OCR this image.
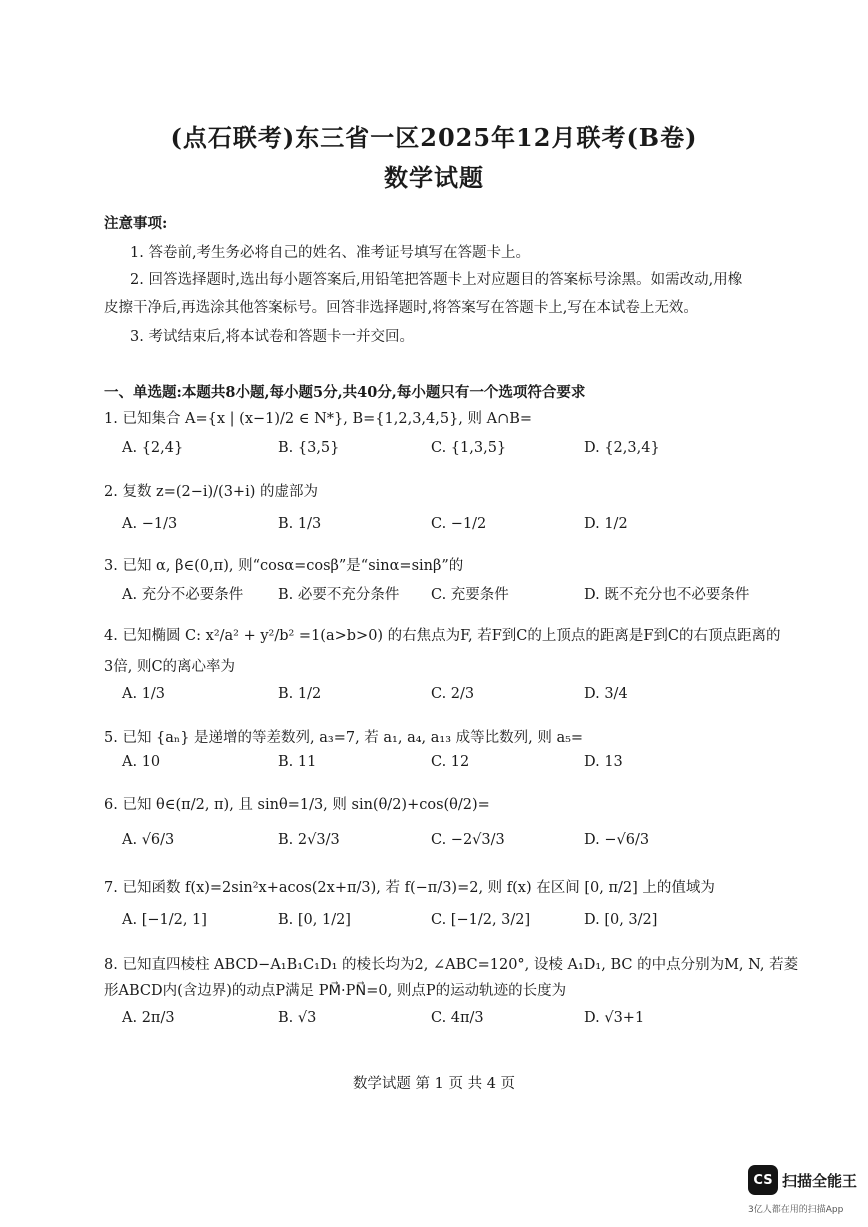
(点石联考)东三省一区2025年12月联考(B卷)
数学试题
注意事项:
1. 答卷前,考生务必将自己的姓名、准考证号填写在答题卡上。
2. 回答选择题时,选出每小题答案后,用铅笔把答题卡上对应题目的答案标号涂黑。如需改动,用橡
皮擦干净后,再选涂其他答案标号。回答非选择题时,将答案写在答题卡上,写在本试卷上无效。
3. 考试结束后,将本试卷和答题卡一并交回。
一、单选题:本题共8小题,每小题5分,共40分,每小题只有一个选项符合要求
1. 已知集合 A={x | (x−1)/2 ∈ N*}, B={1,2,3,4,5}, 则 A∩B=
A. {2,4}	B. {3,5}	C. {1,3,5}	D. {2,3,4}
2. 复数 z=(2−i)/(3+i) 的虚部为
A. −1/3	B. 1/3	C. −1/2	D. 1/2
3. 已知 α, β∈(0,π), 则“cosα=cosβ”是“sinα=sinβ”的
A. 充分不必要条件 B. 必要不充分条件 C. 充要条件	D. 既不充分也不必要条件
4. 已知椭圆 C: x²/a² + y²/b² =1(a>b>0) 的右焦点为F, 若F到C的上顶点的距离是F到C的右顶点距离的
3倍, 则C的离心率为
A. 1/3	B. 1/2	C. 2/3	D. 3/4
5. 已知 {aₙ} 是递增的等差数列, a₃=7, 若 a₁, a₄, a₁₃ 成等比数列, 则 a₅=
A. 10	B. 11	C. 12	D. 13
6. 已知 θ∈(π/2, π), 且 sinθ=1/3, 则 sin(θ/2)+cos(θ/2)=
A. √6/3	B. 2√3/3	C. −2√3/3	D. −√6/3
7. 已知函数 f(x)=2sin²x+acos(2x+π/3), 若 f(−π/3)=2, 则 f(x) 在区间 [0, π/2] 上的值域为
A. [−1/2, 1]	B. [0, 1/2]	C. [−1/2, 3/2]	D. [0, 3/2]
8. 已知直四棱柱 ABCD−A₁B₁C₁D₁ 的棱长均为2, ∠ABC=120°, 设棱 A₁D₁, BC 的中点分别为M, N, 若菱
形ABCD内(含边界)的动点P满足 PM⃗·PN⃗=0, 则点P的运动轨迹的长度为
A. 2π/3	B. √3	C. 4π/3	D. √3+1
数学试题 第 1 页 共 4 页
CS 扫描全能王
3亿人都在用的扫描App
